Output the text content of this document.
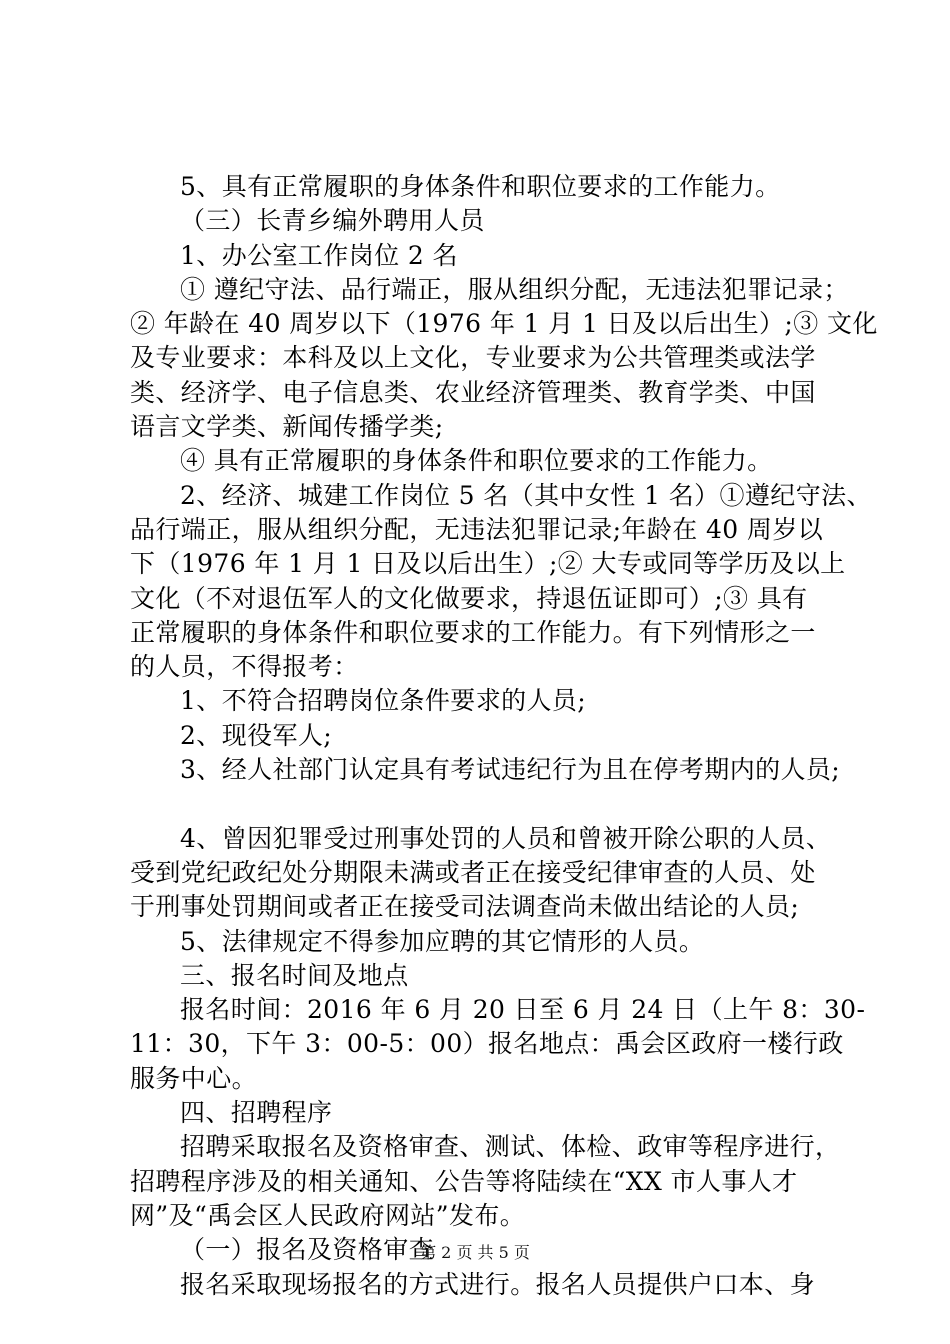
5、具有正常履职的身体条件和职位要求的工作能力。
（三）长青乡编外聘用人员
1、办公室工作岗位 2 名
① 遵纪守法、品行端正，服从组织分配，无违法犯罪记录；
② 年龄在 40 周岁以下（1976 年 1 月 1 日及以后出生）;③ 文化
及专业要求：本科及以上文化，专业要求为公共管理类或法学
类、经济学、电子信息类、农业经济管理类、教育学类、中国
语言文学类、新闻传播学类;
④ 具有正常履职的身体条件和职位要求的工作能力。
2、经济、城建工作岗位 5 名（其中女性 1 名）①遵纪守法、
品行端正，服从组织分配，无违法犯罪记录;年龄在 40 周岁以
下（1976 年 1 月 1 日及以后出生）;② 大专或同等学历及以上
文化（不对退伍军人的文化做要求，持退伍证即可）;③ 具有
正常履职的身体条件和职位要求的工作能力。有下列情形之一
的人员，不得报考：
1、不符合招聘岗位条件要求的人员;
2、现役军人;
3、经人社部门认定具有考试违纪行为且在停考期内的人员;
4、曾因犯罪受过刑事处罚的人员和曾被开除公职的人员、
受到党纪政纪处分期限未满或者正在接受纪律审查的人员、处
于刑事处罚期间或者正在接受司法调查尚未做出结论的人员;
5、法律规定不得参加应聘的其它情形的人员。
三、报名时间及地点
报名时间：2016 年 6 月 20 日至 6 月 24 日（上午 8：30-
11：30，下午 3：00-5：00）报名地点：禹会区政府一楼行政
服务中心。
四、招聘程序
招聘采取报名及资格审查、测试、体检、政审等程序进行，
招聘程序涉及的相关通知、公告等将陆续在“XX 市人事人才
网”及“禹会区人民政府网站”发布。
（一）报名及资格审查
报名采取现场报名的方式进行。报名人员提供户口本、身
第 2 页 共 5 页
